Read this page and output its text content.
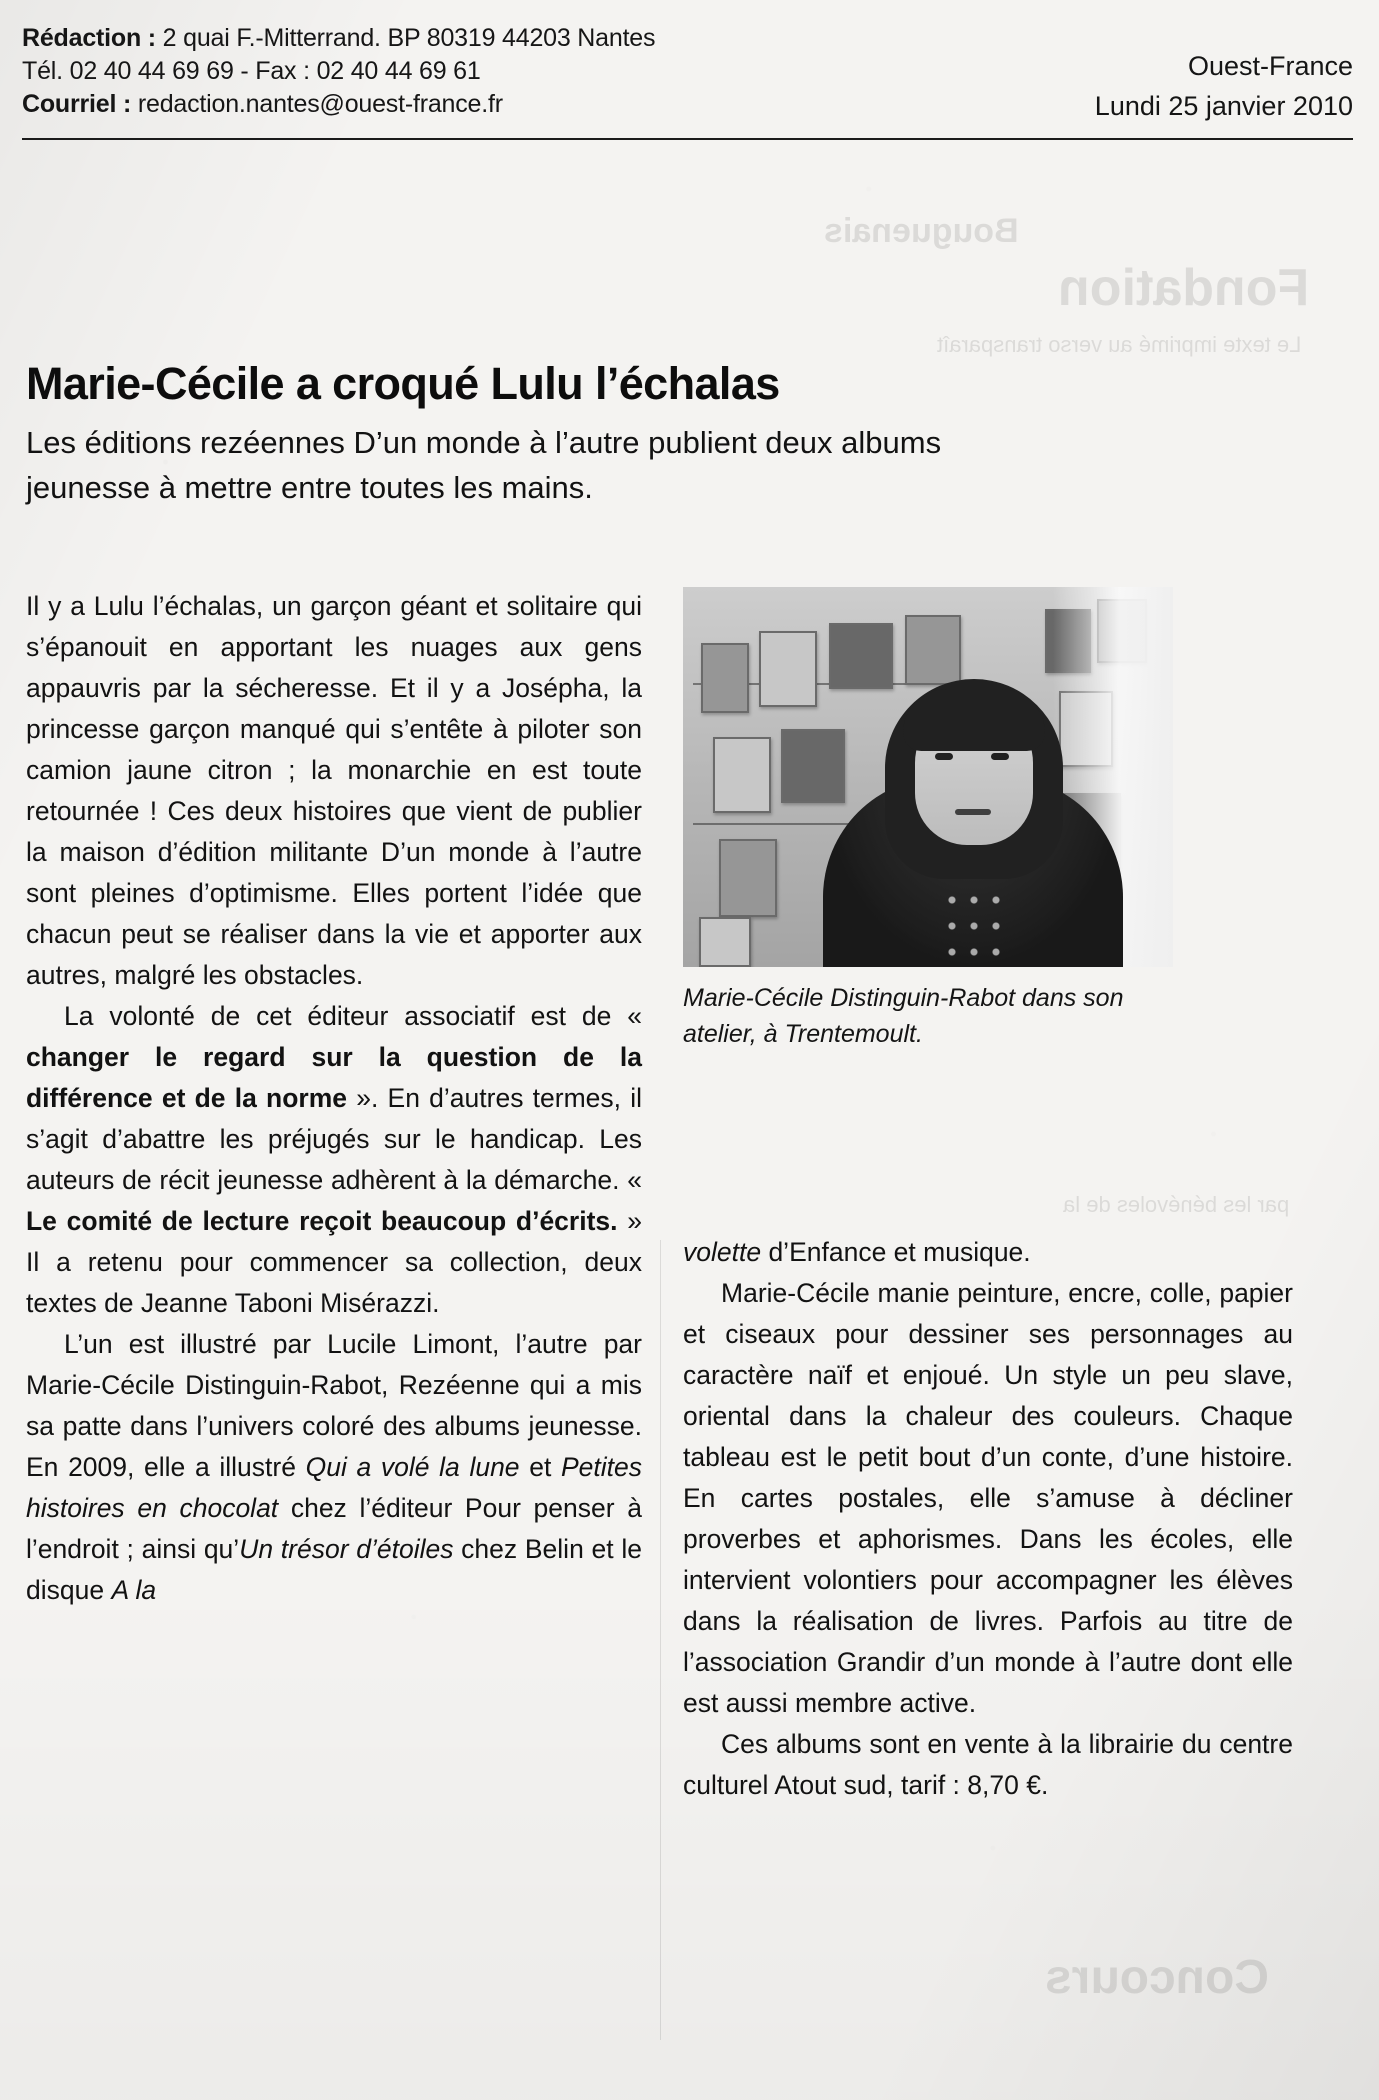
Bouguenais
Fondation
Le texte imprimé au verso transparaît
par les bénévoles de la
Concours
Rédaction : 2 quai F.-Mitterrand. BP 80319 44203 Nantes
Tél. 02 40 44 69 69 - Fax : 02 40 44 69 61
Courriel : redaction.nantes@ouest-france.fr
Ouest-France
Lundi 25 janvier 2010
Marie-Cécile a croqué Lulu l’échalas
Les éditions rezéennes D’un monde à l’autre publient deux albums jeunesse à mettre entre toutes les mains.
Marie-Cécile Distinguin-Rabot dans son atelier, à Trentemoult.

Il y a Lulu l’échalas, un garçon géant et solitaire qui s’épanouit en apportant les nuages aux gens appauvris par la sécheresse. Et il y a Josépha, la princesse garçon manqué qui s’entête à piloter son camion jaune citron ; la monarchie en est toute retournée ! Ces deux histoires que vient de publier la maison d’édition militante D’un monde à l’autre sont pleines d’optimisme. Elles portent l’idée que chacun peut se réaliser dans la vie et apporter aux autres, malgré les obstacles.

La volonté de cet éditeur associatif est de « changer le regard sur la question de la différence et de la norme ». En d’autres termes, il s’agit d’abattre les préjugés sur le handicap. Les auteurs de récit jeunesse adhèrent à la démarche. « Le comité de lecture reçoit beaucoup d’écrits. » Il a retenu pour commencer sa collection, deux textes de Jeanne Taboni Misérazzi.

L’un est illustré par Lucile Limont, l’autre par Marie-Cécile Distinguin-Rabot, Rezéenne qui a mis sa patte dans l’univers coloré des albums jeunesse. En 2009, elle a illustré Qui a volé la lune et Petites histoires en chocolat chez l’éditeur Pour penser à l’endroit ; ainsi qu’Un trésor d’étoiles chez Belin et le disque A la

volette d’Enfance et musique.

Marie-Cécile manie peinture, encre, colle, papier et ciseaux pour dessiner ses personnages au caractère naïf et enjoué. Un style un peu slave, oriental dans la chaleur des couleurs. Chaque tableau est le petit bout d’un conte, d’une histoire. En cartes postales, elle s’amuse à décliner proverbes et aphorismes. Dans les écoles, elle intervient volontiers pour accompagner les élèves dans la réalisation de livres. Parfois au titre de l’association Grandir d’un monde à l’autre dont elle est aussi membre active.

Ces albums sont en vente à la librairie du centre culturel Atout sud, tarif : 8,70 €.
